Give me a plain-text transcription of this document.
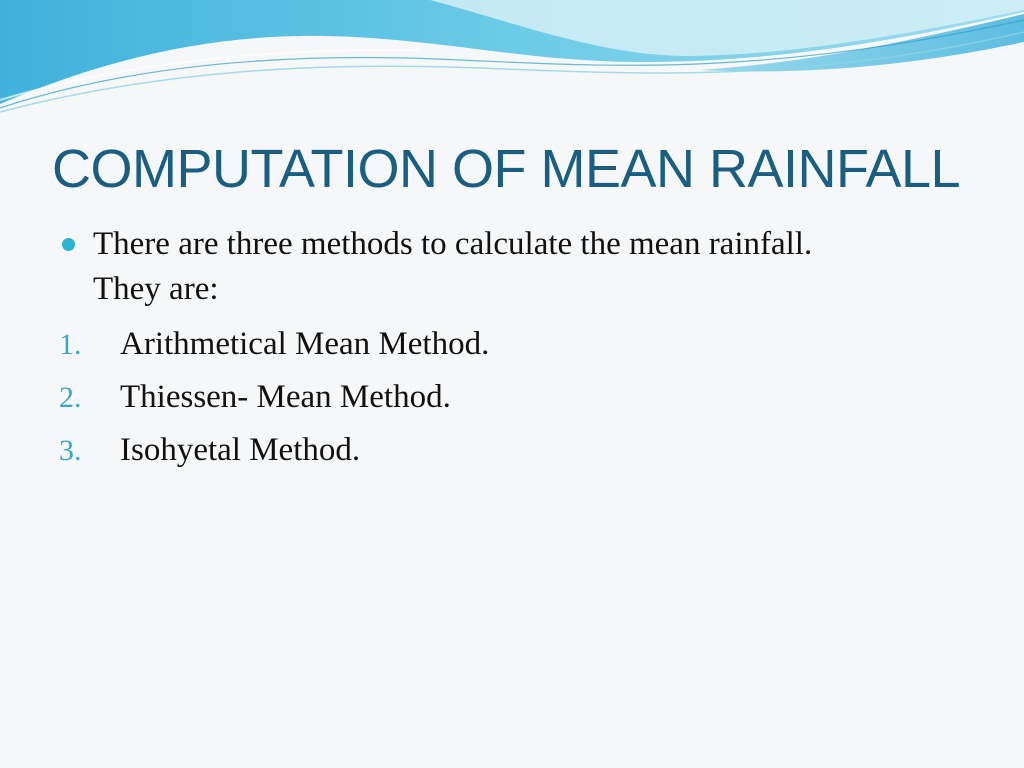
COMPUTATION OF MEAN RAINFALL
There are three methods to calculate the mean rainfall.
They are:
1. Arithmetical Mean Method.
2. Thiessen- Mean Method.
3. Isohyetal Method.
